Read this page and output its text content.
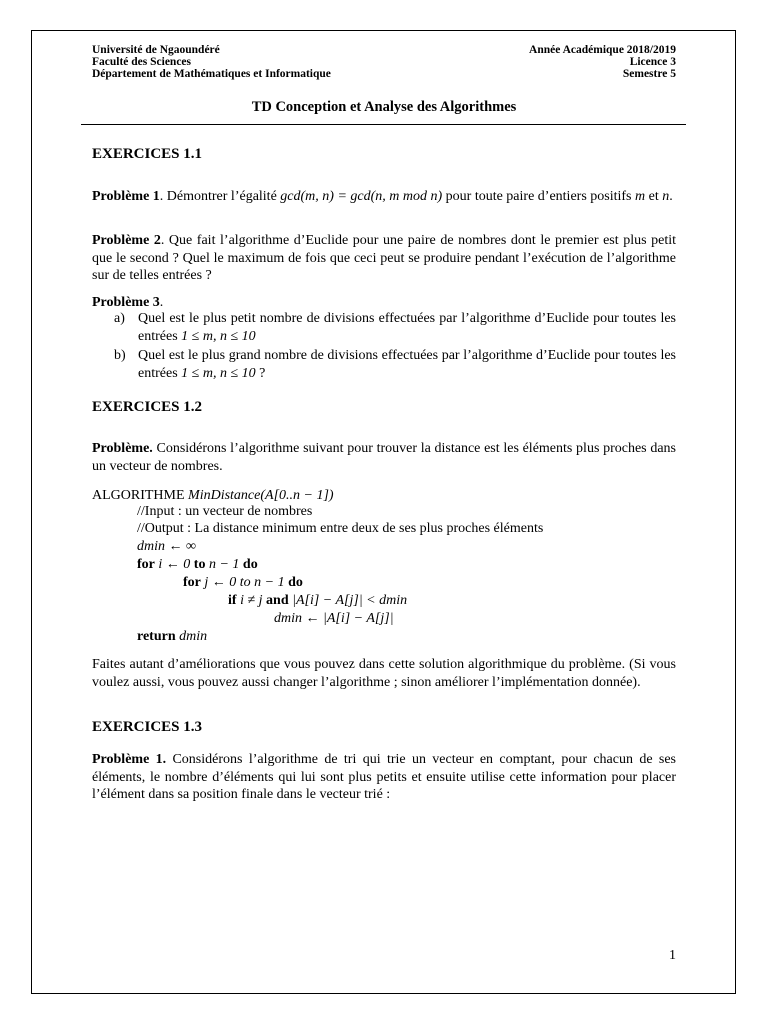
Université de Ngaoundéré
Faculté des Sciences
Département de Mathématiques et Informatique
Année Académique 2018/2019
Licence 3
Semestre 5
TD Conception et Analyse des Algorithmes
EXERCICES 1.1
Problème 1. Démontrer l’égalité gcd(m, n) = gcd(n, m mod n) pour toute paire d’entiers positifs m et n.
Problème 2. Que fait l’algorithme d’Euclide pour une paire de nombres dont le premier est plus petit que le second ? Quel le maximum de fois que ceci peut se produire pendant l’exécution de l’algorithme sur de telles entrées ?
Problème 3.
a) Quel est le plus petit nombre de divisions effectuées par l’algorithme d’Euclide pour toutes les entrées 1 ≤ m, n ≤ 10
b) Quel est le plus grand nombre de divisions effectuées par l’algorithme d’Euclide pour toutes les entrées 1 ≤ m, n ≤ 10 ?
EXERCICES 1.2
Problème. Considérons l’algorithme suivant pour trouver la distance est les éléments plus proches dans un vecteur de nombres.
ALGORITHME MinDistance(A[0..n − 1])
//Input : un vecteur de nombres
//Output : La distance minimum entre deux de ses plus proches éléments
dmin ← ∞
for i ← 0 to n − 1 do
for j ← 0 to n − 1 do
if i ≠ j and |A[i] − A[j]| < dmin
dmin ← |A[i] − A[j]|
return dmin
Faites autant d’améliorations que vous pouvez dans cette solution algorithmique du problème. (Si vous voulez aussi, vous pouvez aussi changer l’algorithme ; sinon améliorer l’implémentation donnée).
EXERCICES 1.3
Problème 1. Considérons l’algorithme de tri qui trie un vecteur en comptant, pour chacun de ses éléments, le nombre d’éléments qui lui sont plus petits et ensuite utilise cette information pour placer l’élément dans sa position finale dans le vecteur trié :
1
